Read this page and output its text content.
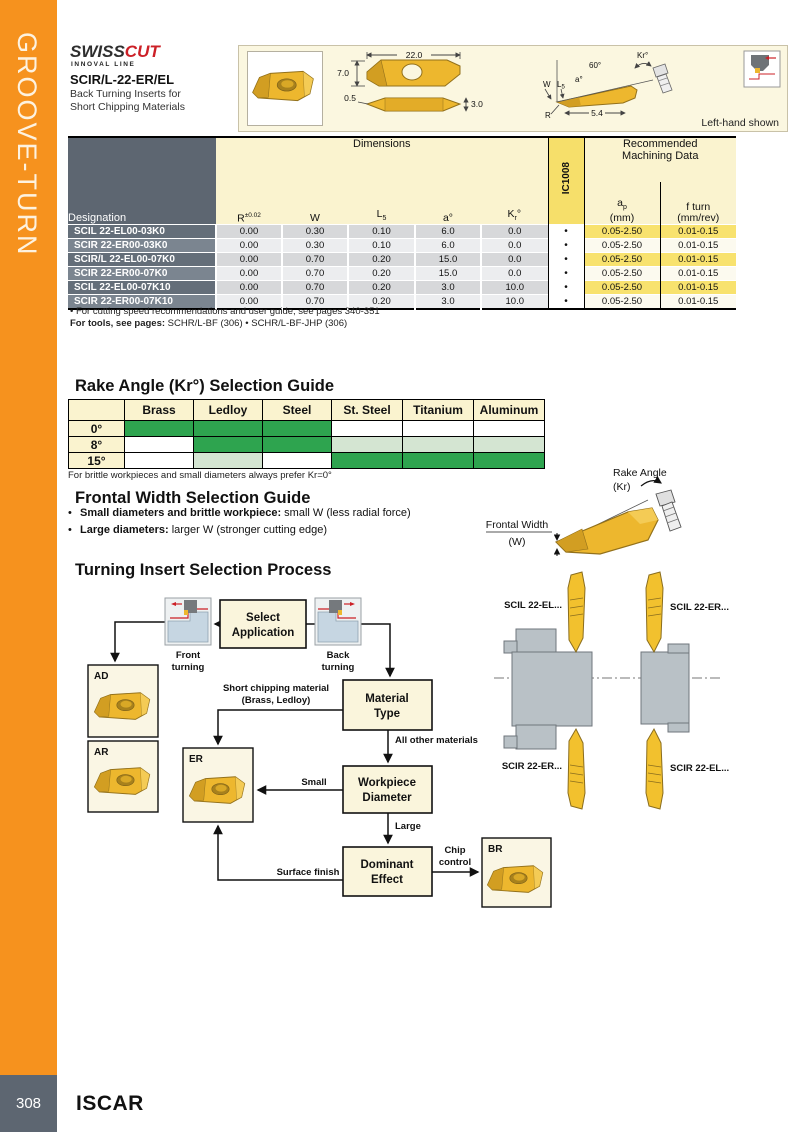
GROOVE-TURN
308 ISCAR
SWISSCUT
INNOVAL LINE
SCIR/L-22-ER/EL
Back Turning Inserts for
Short Chipping Materials
22.0
7.0
0.5
3.0
a°
60°
Kr°
W L5
R	5.4
Left-hand shown
Designation	Dimensions					IC1008	Recommended
Machining Data	
	$R^{\pm 0.02}$	W	$L_5$	a°	$K_r^\circ$		$a_p$
(mm)	f turn
(mm/rev)
SCIL 22-EL00-03K0	0.00	0.30	0.10	6.0	0.0	•	0.05-2.50	0.01-0.15
SCIR 22-ER00-03K0	0.00	0.30	0.10	6.0	0.0	•	0.05-2.50	0.01-0.15
SCIR/L 22-EL00-07K0	0.00	0.70	0.20	15.0	0.0	•	0.05-2.50	0.01-0.15
SCIR 22-ER00-07K0	0.00	0.70	0.20	15.0	0.0	•	0.05-2.50	0.01-0.15
SCIL 22-EL00-07K10	0.00	0.70	0.20	3.0	10.0	•	0.05-2.50	0.01-0.15
SCIR 22-ER00-07K10	0.00	0.70	0.20	3.0	10.0	•	0.05-2.50	0.01-0.15
• For cutting speed recommendations and user guide, see pages 340-351
For tools, see pages: SCHR/L-BF (306) • SCHR/L-BF-JHP (306)
Rake Angle (Kr°) Selection Guide
	Brass	Ledloy	Steel	St. Steel	Titanium	Aluminum
0°						
8°						
15°						
For brittle workpieces and small diameters always prefer Kr=0°
Frontal Width Selection Guide
• Small diameters and brittle workpiece: small W (less radial force)
• Large diameters: larger W (stronger cutting edge)
Rake Angle
(Kr)
Frontal Width
(W)
Turning Insert Selection Process
Select
Application
Front
turning
Back
turning
AD
AR
ER
BR
Material
Type
Workpiece
Diameter
Dominant
Effect
Short chipping material
(Brass, Ledloy)
All other materials
Small
Large
Surface finish
Chip
control
SCIL 22-EL...	SCIL 22-ER...
SCIR 22-ER...	SCIR 22-EL...
